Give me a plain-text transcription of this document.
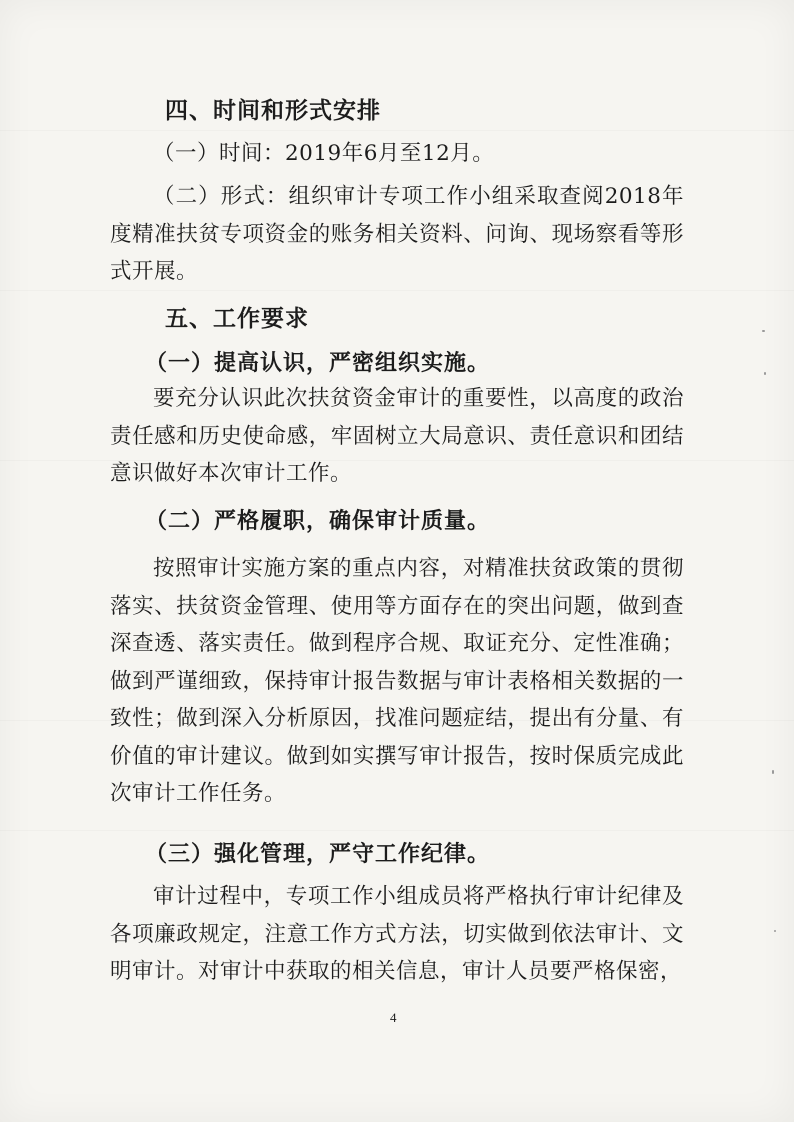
四、时间和形式安排
（一）时间：2019年6月至12月。
（二）形式：组织审计专项工作小组采取查阅2018年度精准扶贫专项资金的账务相关资料、问询、现场察看等形式开展。
五、工作要求
（一）提高认识，严密组织实施。
要充分认识此次扶贫资金审计的重要性，以高度的政治责任感和历史使命感，牢固树立大局意识、责任意识和团结意识做好本次审计工作。
（二）严格履职，确保审计质量。
按照审计实施方案的重点内容，对精准扶贫政策的贯彻落实、扶贫资金管理、使用等方面存在的突出问题，做到查深查透、落实责任。做到程序合规、取证充分、定性准确；做到严谨细致，保持审计报告数据与审计表格相关数据的一致性；做到深入分析原因，找准问题症结，提出有分量、有价值的审计建议。做到如实撰写审计报告，按时保质完成此次审计工作任务。
（三）强化管理，严守工作纪律。
审计过程中，专项工作小组成员将严格执行审计纪律及各项廉政规定，注意工作方式方法，切实做到依法审计、文明审计。对审计中获取的相关信息，审计人员要严格保密，
4
